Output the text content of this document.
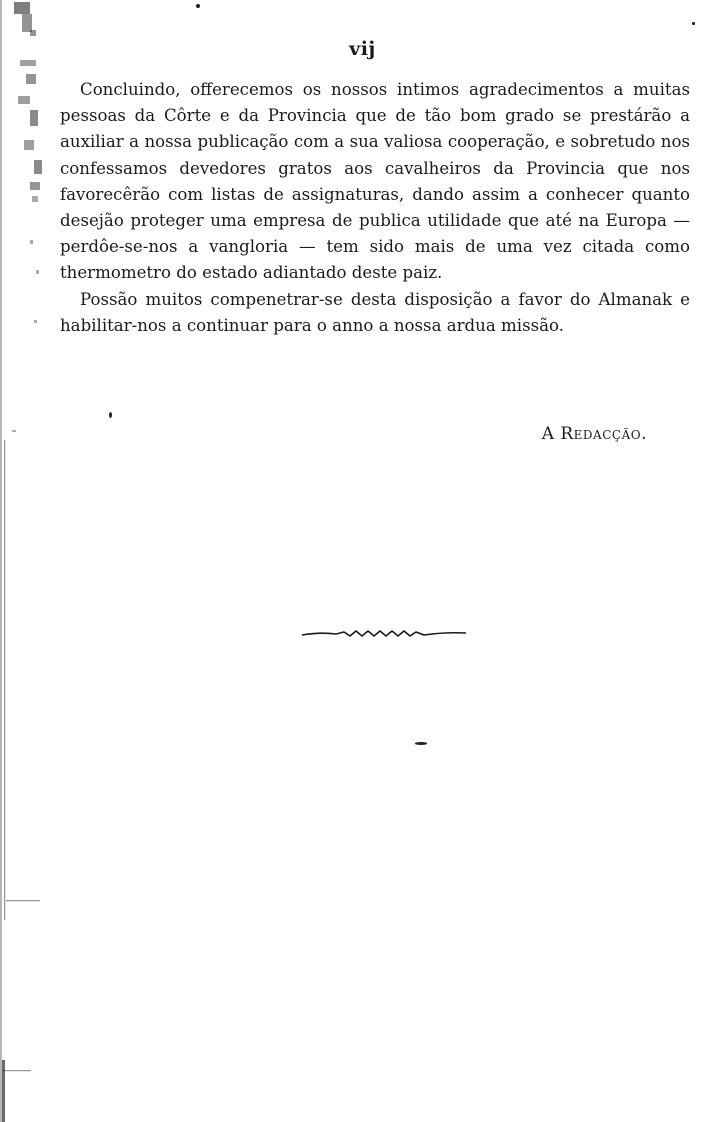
vij

Concluindo, offerecemos os nossos intimos agradecimentos a muitas pessoas da Côrte e da Provincia que de tão bom grado se prestárão a auxiliar a nossa publicação com a sua valiosa cooperação, e sobretudo nos confessamos devedores gratos aos cavalheiros da Provincia que nos favorecêrão com listas de assignaturas, dando assim a conhecer quanto desejão proteger uma empresa de publica utilidade que até na Europa — perdôe-se-nos a vangloria — tem sido mais de uma vez citada como thermometro do estado adiantado deste paiz.

Possão muitos compenetrar-se desta disposição a favor do Almanak e habilitar-nos a continuar para o anno a nossa ardua missão.

A Redacção.
